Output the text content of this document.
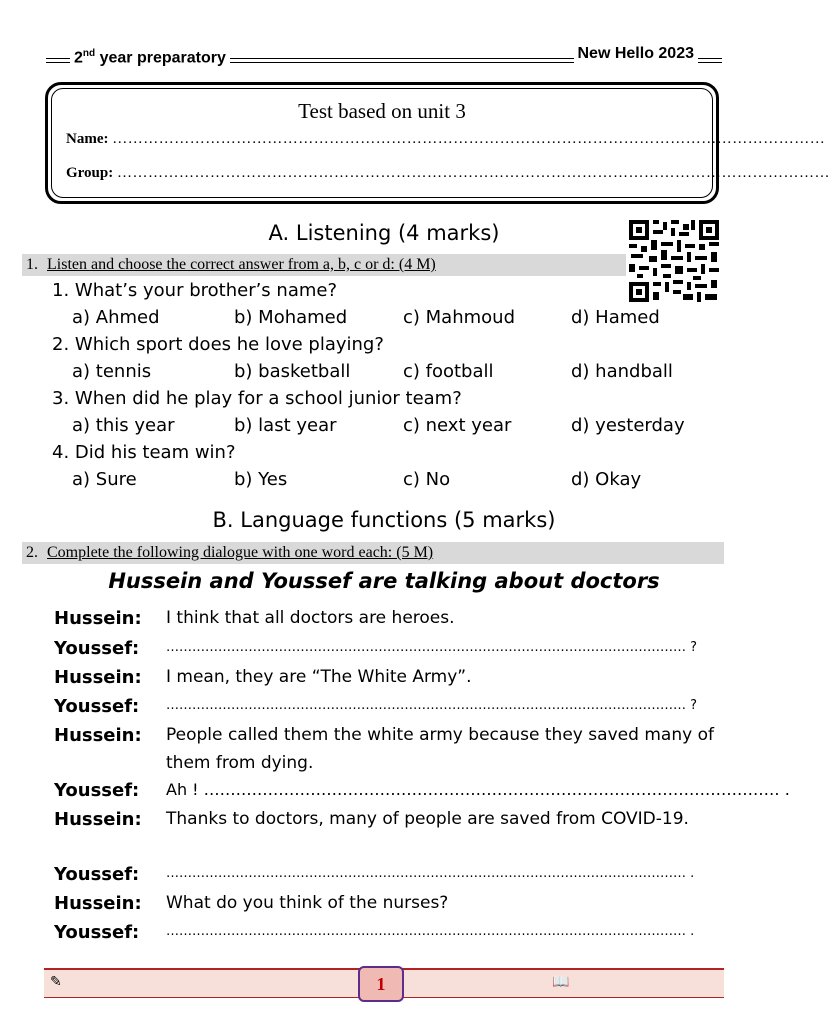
2nd year preparatory	New Hello 2023
Test based on unit 3
Name: …………………………………………………………………………………………………………………………
Group: …………………………………………………………………………………………………………………………
A. Listening (4 marks)
1. Listen and choose the correct answer from a, b, c or d: (4 M)
1. What’s your brother’s name?
a) Ahmed	b) Mohamed	c) Mahmoud	d) Hamed
2. Which sport does he love playing?
a) tennis	b) basketball	c) football	d) handball
3. When did he play for a school junior team?
a) this year	b) last year	c) next year	d) yesterday
4. Did his team win?
a) Sure	b) Yes	c) No	d) Okay
B. Language functions (5 marks)
2. Complete the following dialogue with one word each: (5 M)
Hussein and Youssef are talking about doctors
Hussein: I think that all doctors are heroes.
Youssef: ………………………………………………………………………………………………………… ?
Hussein: I mean, they are “The White Army”.
Youssef: ………………………………………………………………………………………………………… ?
Hussein: People called them the white army because they saved many of them from dying.
Youssef: Ah ! ……………………………………………………………………………………………… .
Hussein: Thanks to doctors, many of people are saved from COVID-19.
Youssef: ………………………………………………………………………………………………………… .
Hussein: What do you think of the nurses?
Youssef: ………………………………………………………………………………………………………… .
✎	1	📖
